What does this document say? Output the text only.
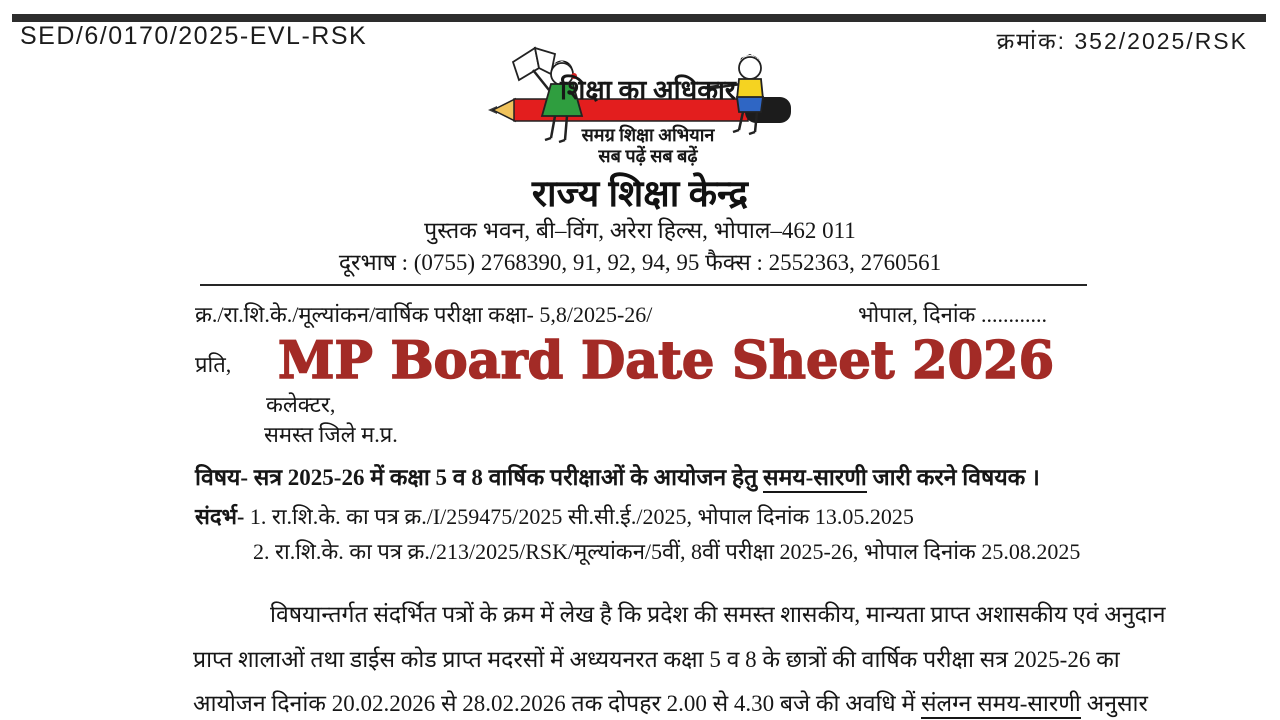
SED/6/0170/2025-EVL-RSK	क्रमांक: 352/2025/RSK
शिक्षा का अधिकार
समग्र शिक्षा अभियान
सब पढ़ें सब बढ़ें
राज्य शिक्षा केन्द्र
पुस्तक भवन, बी–विंग, अरेरा हिल्स, भोपाल–462 011
दूरभाष : (0755) 2768390, 91, 92, 94, 95 फैक्स : 2552363, 2760561
क्र./रा.शि.के./मूल्यांकन/वार्षिक परीक्षा कक्षा- 5,8/2025-26/	भोपाल, दिनांक ............
प्रति, MP Board Date Sheet 2026
कलेक्टर,
समस्त जिले म.प्र.
विषय- सत्र 2025-26 में कक्षा 5 व 8 वार्षिक परीक्षाओं के आयोजन हेतु समय-सारणी जारी करने विषयक ।
संदर्भ- 1. रा.शि.के. का पत्र क्र./I/259475/2025 सी.सी.ई./2025, भोपाल दिनांक 13.05.2025
2. रा.शि.के. का पत्र क्र./213/2025/RSK/मूल्यांकन/5वीं, 8वीं परीक्षा 2025-26, भोपाल दिनांक 25.08.2025
विषयान्तर्गत संदर्भित पत्रों के क्रम में लेख है कि प्रदेश की समस्त शासकीय, मान्यता प्राप्त अशासकीय एवं अनुदान
प्राप्त शालाओं तथा डाईस कोड प्राप्त मदरसों में अध्ययनरत कक्षा 5 व 8 के छात्रों की वार्षिक परीक्षा सत्र 2025-26 का
आयोजन दिनांक 20.02.2026 से 28.02.2026 तक दोपहर 2.00 से 4.30 बजे की अवधि में संलग्न समय-सारणी अनुसार
